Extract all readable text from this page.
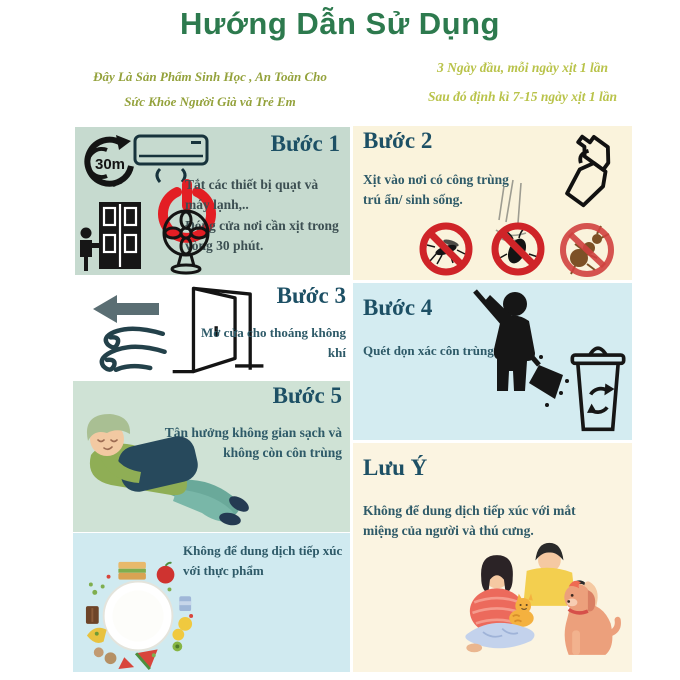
Hướng Dẫn Sử Dụng
Đây Là Sản Phẩm Sinh Học , An Toàn Cho
Sức Khỏe Người Già và Trẻ Em
3 Ngày đầu, mỗi ngày xịt 1 lần
Sau đó định kì 7-15 ngày xịt 1 lần
Bước 1
30m
Tắt các thiết bị quạt và máy lạnh,..
Đóng cửa nơi cần xịt trong vòng 30 phút.
Bước 2
Xịt vào nơi có công trùng trú ẩn/ sinh sống.
Bước 3
Mở cửa cho thoáng không khí
Bước 4
Quét dọn xác côn trùng
Bước 5
Tận hưởng không gian sạch và không còn côn trùng
Không để dung dịch tiếp xúc với thực phẩm
Lưu Ý
Không để dung dịch tiếp xúc với mắt miệng của người và thú cưng.
